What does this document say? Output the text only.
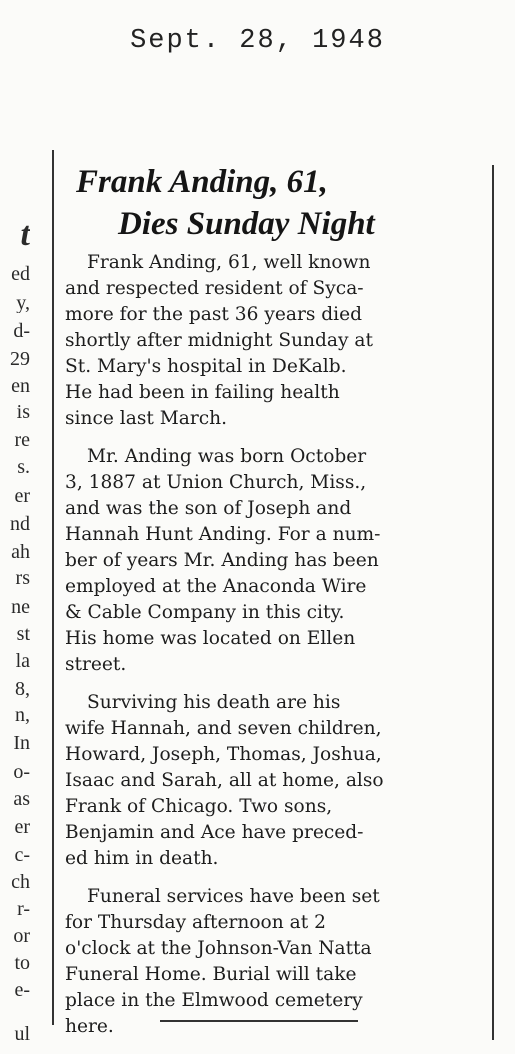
Sept. 28, 1948
t
ed
y,
d-
29
en
is
re
s.
er
nd
ah
rs
ne
st
la
8,
n,
In
o-
as
er
c-
ch
r-
or
to
e-
ul
Frank Anding, 61,
Dies Sunday Night

Frank Anding, 61, well known
and respected resident of Syca-
more for the past 36 years died
shortly after midnight Sunday at
St. Mary's hospital in DeKalb.
He had been in failing health
since last March.

Mr. Anding was born October
3, 1887 at Union Church, Miss.,
and was the son of Joseph and
Hannah Hunt Anding. For a num-
ber of years Mr. Anding has been
employed at the Anaconda Wire
& Cable Company in this city.
His home was located on Ellen
street.

Surviving his death are his
wife Hannah, and seven children,
Howard, Joseph, Thomas, Joshua,
Isaac and Sarah, all at home, also
Frank of Chicago. Two sons,
Benjamin and Ace have preced-
ed him in death.

Funeral services have been set
for Thursday afternoon at 2
o'clock at the Johnson-Van Natta
Funeral Home. Burial will take
place in the Elmwood cemetery
here.
